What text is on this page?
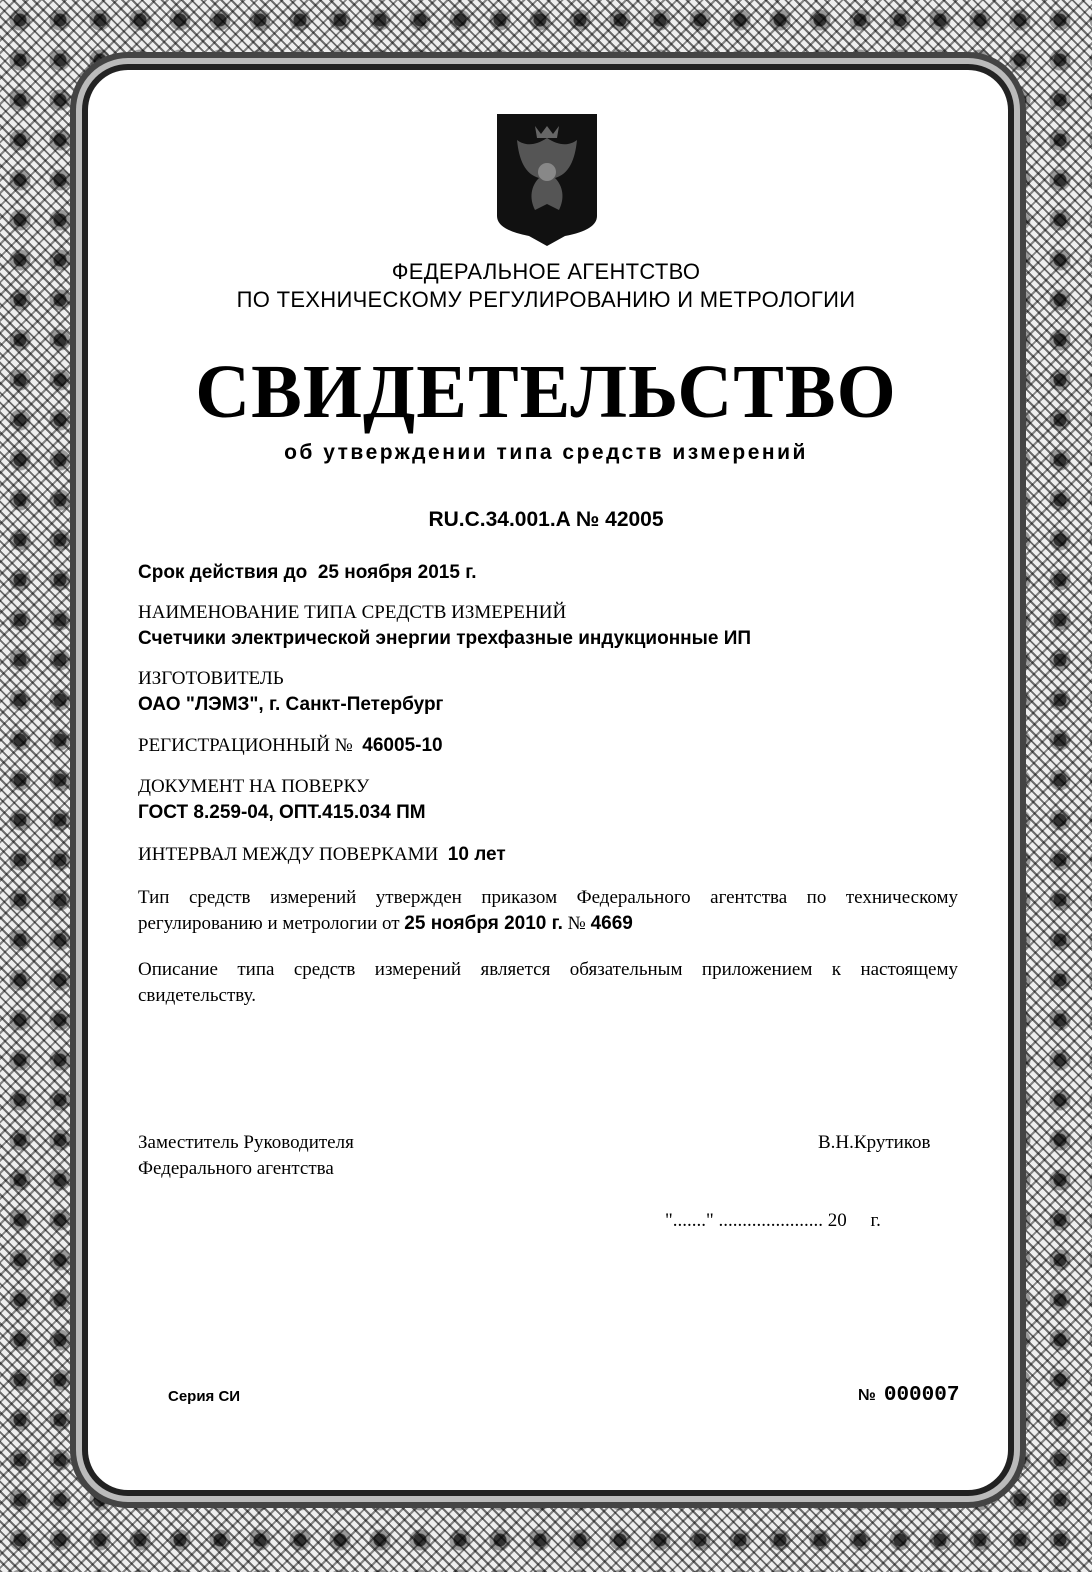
ФЕДЕРАЛЬНОЕ АГЕНТСТВО
ПО ТЕХНИЧЕСКОМУ РЕГУЛИРОВАНИЮ И МЕТРОЛОГИИ
СВИДЕТЕЛЬСТВО
об утверждении типа средств измерений
RU.C.34.001.A № 42005
Срок действия до 25 ноября 2015 г.
НАИМЕНОВАНИЕ ТИПА СРЕДСТВ ИЗМЕРЕНИЙ
Счетчики электрической энергии трехфазные индукционные ИП
ИЗГОТОВИТЕЛЬ
ОАО "ЛЭМЗ", г. Санкт-Петербург
РЕГИСТРАЦИОННЫЙ № 46005-10
ДОКУМЕНТ НА ПОВЕРКУ
ГОСТ 8.259-04, ОПТ.415.034 ПМ
ИНТЕРВАЛ МЕЖДУ ПОВЕРКАМИ 10 лет
Тип средств измерений утвержден приказом Федерального агентства по техническому регулированию и метрологии от 25 ноября 2010 г. № 4669
Описание типа средств измерений является обязательным приложением к настоящему свидетельству.
Заместитель Руководителя
Федерального агентства
В.Н.Крутиков
"......." ...................... 20     г.
Серия СИ	№ 000007
